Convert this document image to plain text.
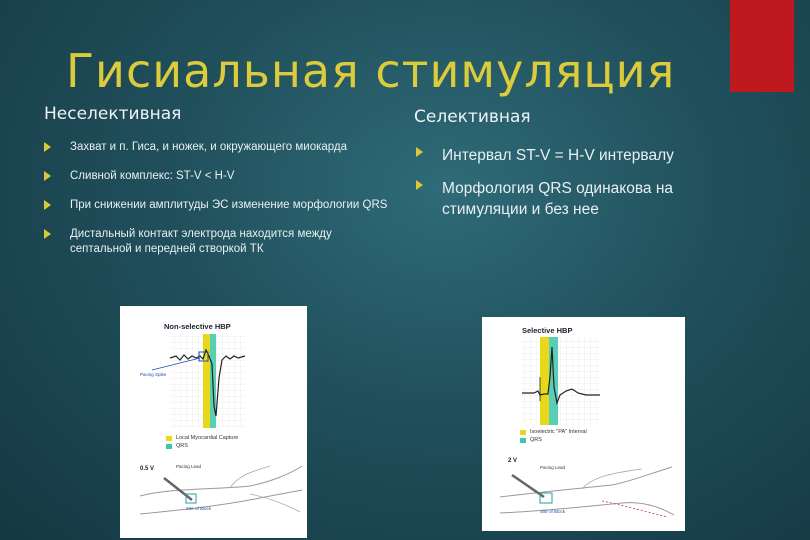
Гисиальная стимуляция
Неселективная	Селективная
Захват и п. Гиса, и ножек, и окружающего миокарда
Сливной комплекс: ST-V < H-V
При снижении амплитуды ЭС изменение морфологии QRS
Дистальный контакт электрода находится между септальной и передней створкой ТК
Интервал ST-V = H-V интервалу
Морфология QRS одинакова на стимуляции и без нее
Non-selective HBP
Pacing Spike
Local Myocardial Capture
QRS
0.5 V	Pacing Lead
Site of Block
Selective HBP
Isoelectric "PA" Interval
QRS
2 V
Pacing Lead
Site of Block
